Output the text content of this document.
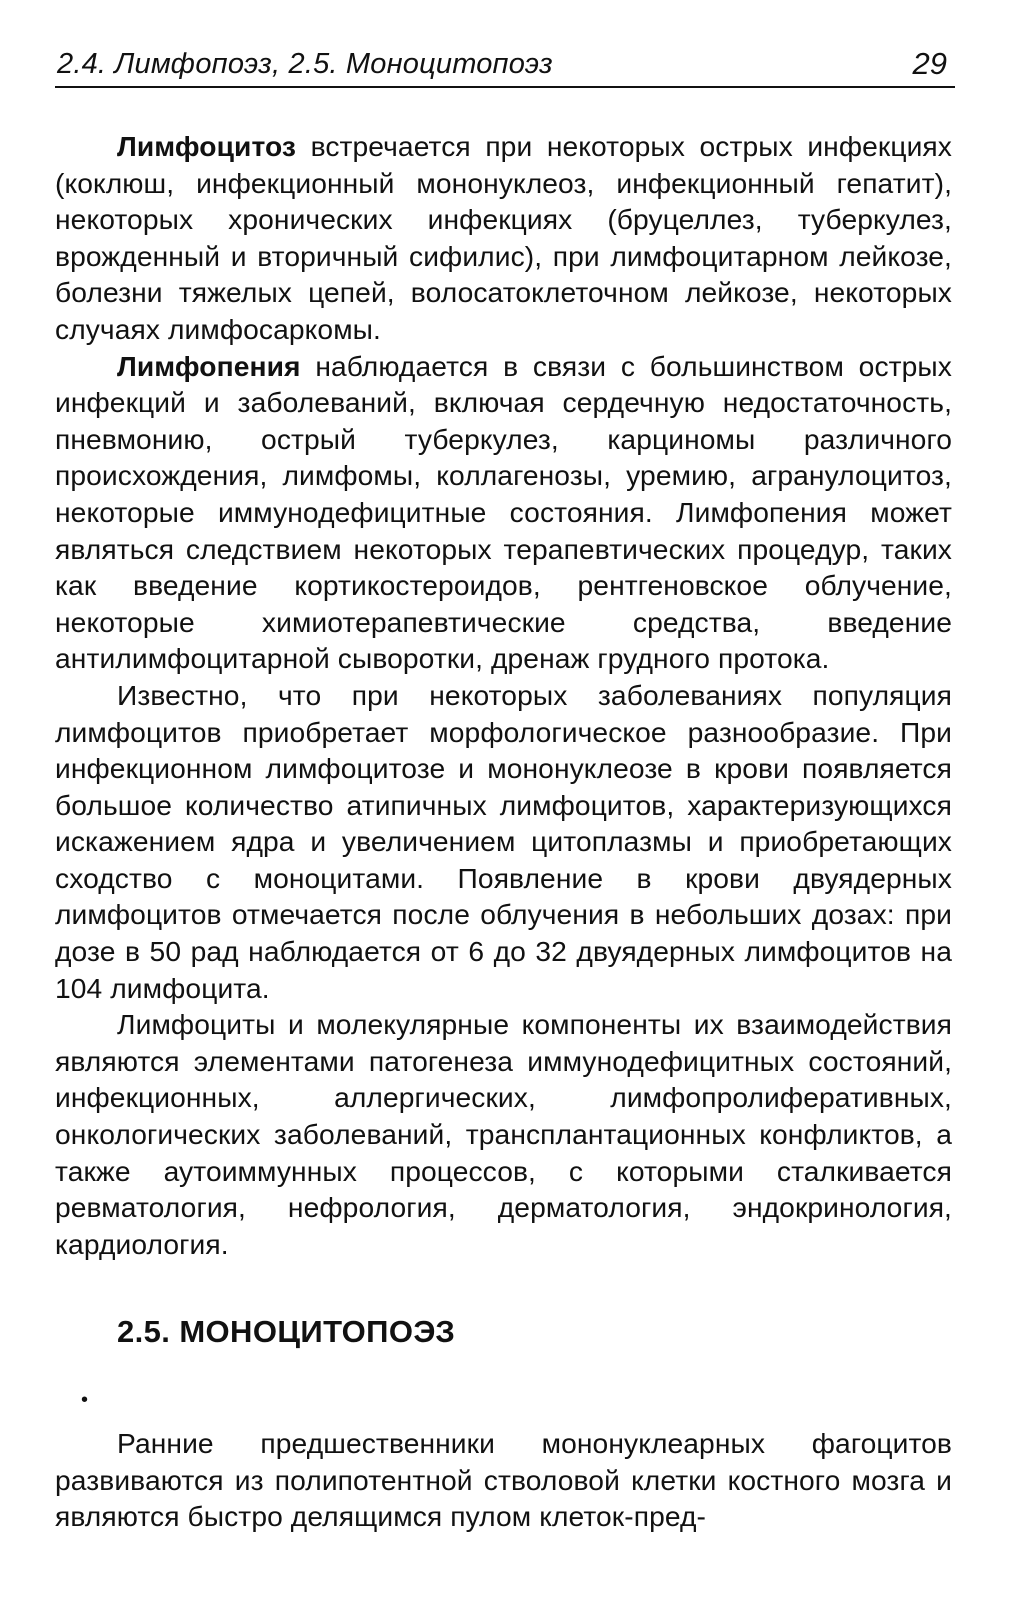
2.4. Лимфопоэз, 2.5. Моноцитопоэз	29

Лимфоцитоз встречается при некоторых острых инфекциях (коклюш, инфекционный мононуклеоз, инфекционный гепатит), некоторых хронических инфекциях (бруцеллез, туберкулез, врожденный и вторичный сифилис), при лимфоцитарном лейкозе, болезни тяжелых цепей, волосатоклеточном лейкозе, некоторых случаях лимфосаркомы.

Лимфопения наблюдается в связи с большинством острых инфекций и заболеваний, включая сердечную недостаточность, пневмонию, острый туберкулез, карциномы различного происхождения, лимфомы, коллагенозы, уремию, агранулоцитоз, некоторые иммунодефицитные состояния. Лимфопения может являться следствием некоторых терапевтических процедур, таких как введение кортикостероидов, рентгеновское облучение, некоторые химиотерапевтические средства, введение антилимфоцитарной сыворотки, дренаж грудного протока.

Известно, что при некоторых заболеваниях популяция лимфоцитов приобретает морфологическое разнообразие. При инфекционном лимфоцитозе и мононуклеозе в крови появляется большое количество атипичных лимфоцитов, характеризующихся искажением ядра и увеличением цитоплазмы и приобретающих сходство с моноцитами. Появление в крови двуядерных лимфоцитов отмечается после облучения в небольших дозах: при дозе в 50 рад наблюдается от 6 до 32 двуядерных лимфоцитов на 104 лимфоцита.

Лимфоциты и молекулярные компоненты их взаимодействия являются элементами патогенеза иммунодефицитных состояний, инфекционных, аллергических, лимфопролиферативных, онкологических заболеваний, трансплантационных конфликтов, а также аутоиммунных процессов, с которыми сталкивается ревматология, нефрология, дерматология, эндокринология, кардиология.

2.5. МОНОЦИТОПОЭЗ
•

Ранние предшественники мононуклеарных фагоцитов развиваются из полипотентной стволовой клетки костного мозга и являются быстро делящимся пулом клеток-пред-
